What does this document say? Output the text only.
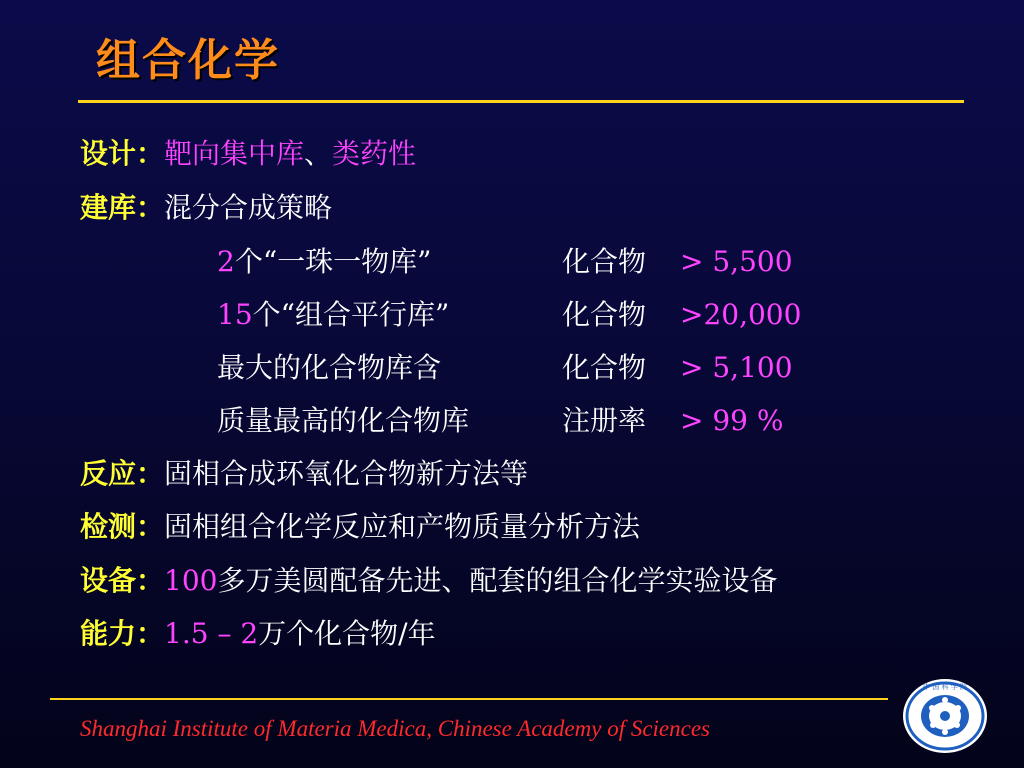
组合化学
设计：靶向集中库、类药性
建库：混分合成策略
2个“一珠一物库”	化合物 > 5,500
15个“组合平行库”	化合物 >20,000
最大的化合物库含	化合物 > 5,100
质量最高的化合物库	注册率 > 99 %
反应：固相合成环氧化合物新方法等
检测：固相组合化学反应和产物质量分析方法
设备：100多万美圆配备先进、配套的组合化学实验设备
能力：1.5 – 2万个化合物/年
Shanghai Institute of Materia Medica, Chinese Academy of Sciences
中 国 科 学 院
